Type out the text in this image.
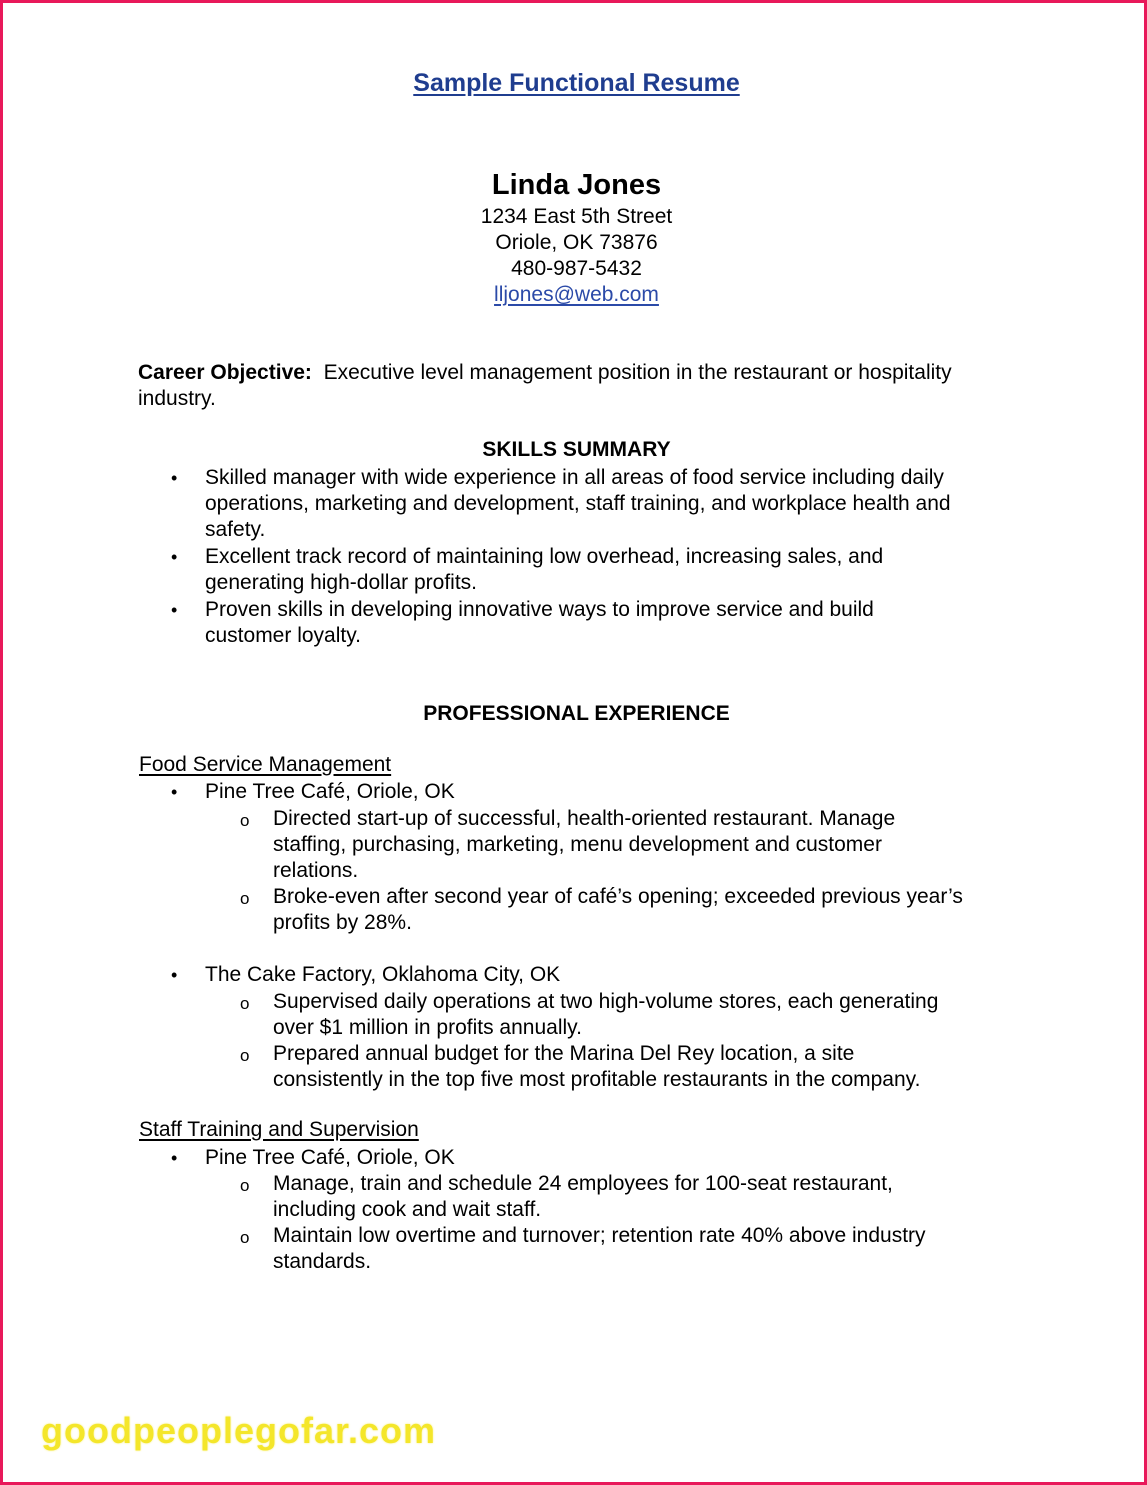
Sample Functional Resume
Linda Jones
1234 East 5th Street
Oriole, OK 73876
480-987-5432
lljones@web.com
Career Objective: Executive level management position in the restaurant or hospitality
industry.
SKILLS SUMMARY
• Skilled manager with wide experience in all areas of food service including daily
operations, marketing and development, staff training, and workplace health and
safety.
• Excellent track record of maintaining low overhead, increasing sales, and
generating high-dollar profits.
• Proven skills in developing innovative ways to improve service and build
customer loyalty.
PROFESSIONAL EXPERIENCE
Food Service Management
• Pine Tree Café, Oriole, OK
o Directed start-up of successful, health-oriented restaurant. Manage
staffing, purchasing, marketing, menu development and customer
relations.
o Broke-even after second year of café’s opening; exceeded previous year’s
profits by 28%.
• The Cake Factory, Oklahoma City, OK
o Supervised daily operations at two high-volume stores, each generating
over $1 million in profits annually.
o Prepared annual budget for the Marina Del Rey location, a site
consistently in the top five most profitable restaurants in the company.
Staff Training and Supervision
• Pine Tree Café, Oriole, OK
o Manage, train and schedule 24 employees for 100-seat restaurant,
including cook and wait staff.
o Maintain low overtime and turnover; retention rate 40% above industry
standards.
goodpeoplegofar.com
